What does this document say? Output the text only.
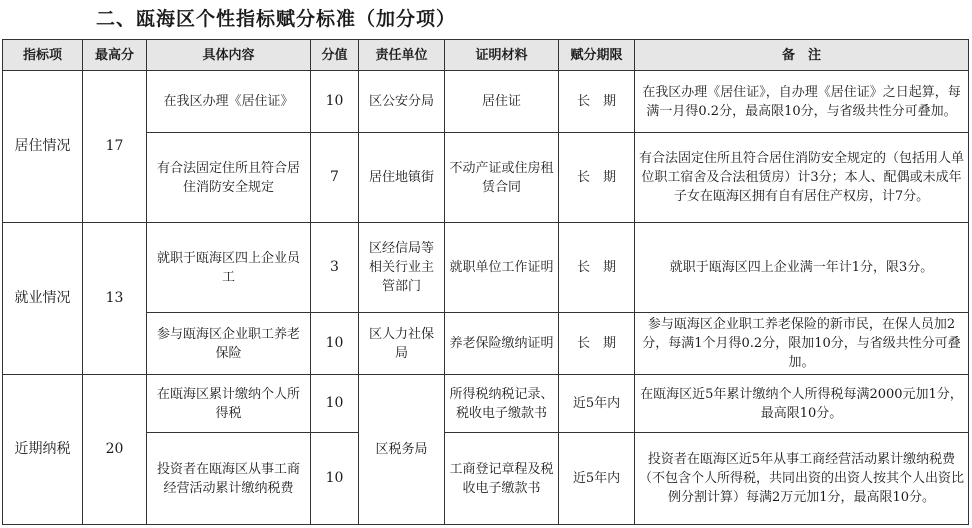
二、瓯海区个性指标赋分标准（加分项）
指标项	最高分	具体内容	分值	责任单位	证明材料	赋分期限	备　注
居住情况	17	在我区办理《居住证》	10	区公安分局	居住证	长　期	在我区办理《居住证》，自办理《居住证》之日起算，每满一月得0.2分，最高限10分，与省级共性分可叠加。
		有合法固定住所且符合居住消防安全规定	7	居住地镇街	不动产证或住房租赁合同	长　期	有合法固定住所且符合居住消防安全规定的（包括用人单位职工宿舍及合法租赁房）计3分；本人、配偶或未成年子女在瓯海区拥有自有居住产权房，计7分。
就业情况	13	就职于瓯海区四上企业员工	3	区经信局等相关行业主管部门	就职单位工作证明	长　期	就职于瓯海区四上企业满一年计1分，限3分。
		参与瓯海区企业职工养老保险	10	区人力社保局	养老保险缴纳证明	长　期	参与瓯海区企业职工养老保险的新市民，在保人员加2分，每满1个月得0.2分，限加10分，与省级共性分可叠加。
近期纳税	20	在瓯海区累计缴纳个人所得税	10	区税务局	所得税纳税记录、税收电子缴款书	近5年内	在瓯海区近5年累计缴纳个人所得税每满2000元加1分，最高限10分。
		投资者在瓯海区从事工商经营活动累计缴纳税费	10		工商登记章程及税收电子缴款书	近5年内	投资者在瓯海区近5年从事工商经营活动累计缴纳税费（不包含个人所得税，共同出资的出资人按其个人出资比例分割计算）每满2万元加1分，最高限10分。
